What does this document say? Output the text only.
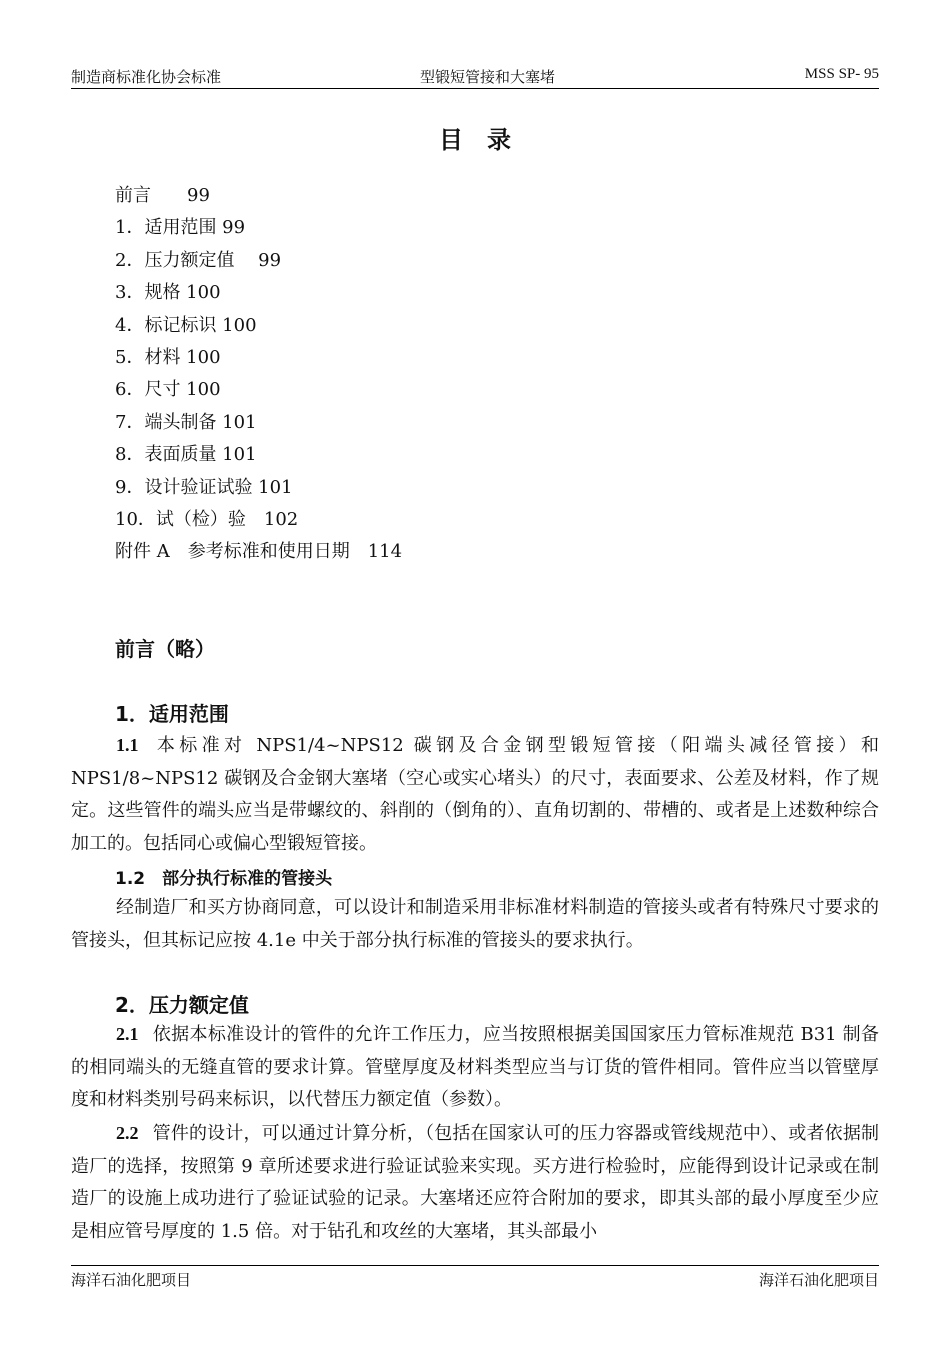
制造商标准化协会标准	型锻短管接和大塞堵	MSS SP- 95
目　录
前言　　99
1．适用范围 99
2．压力额定值　 99
3．规格 100
4．标记标识 100
5．材料 100
6．尺寸 100
7．端头制备 101
8．表面质量 101
9．设计验证试验 101
10．试（检）验　102
附件 A　参考标准和使用日期　114
前言（略）
1．适用范围

1.1 本标准对 NPS1/4~NPS12 碳钢及合金钢型锻短管接（阳端头减径管接）和 NPS1/8~NPS12 碳钢及合金钢大塞堵（空心或实心堵头）的尺寸，表面要求、公差及材料，作了规定。这些管件的端头应当是带螺纹的、斜削的（倒角的）、直角切割的、带槽的、或者是上述数种综合加工的。包括同心或偏心型锻短管接。

1.2　部分执行标准的管接头

经制造厂和买方协商同意，可以设计和制造采用非标准材料制造的管接头或者有特殊尺寸要求的管接头，但其标记应按 4.1e 中关于部分执行标准的管接头的要求执行。

2．压力额定值

2.1 依据本标准设计的管件的允许工作压力，应当按照根据美国国家压力管标准规范 B31 制备的相同端头的无缝直管的要求计算。管壁厚度及材料类型应当与订货的管件相同。管件应当以管壁厚度和材料类别号码来标识，以代替压力额定值（参数）。

2.2 管件的设计，可以通过计算分析，（包括在国家认可的压力容器或管线规范中）、或者依据制造厂的选择，按照第 9 章所述要求进行验证试验来实现。买方进行检验时，应能得到设计记录或在制造厂的设施上成功进行了验证试验的记录。大塞堵还应符合附加的要求，即其头部的最小厚度至少应是相应管号厚度的 1.5 倍。对于钻孔和攻丝的大塞堵，其头部最小

海洋石油化肥项目	海洋石油化肥项目
